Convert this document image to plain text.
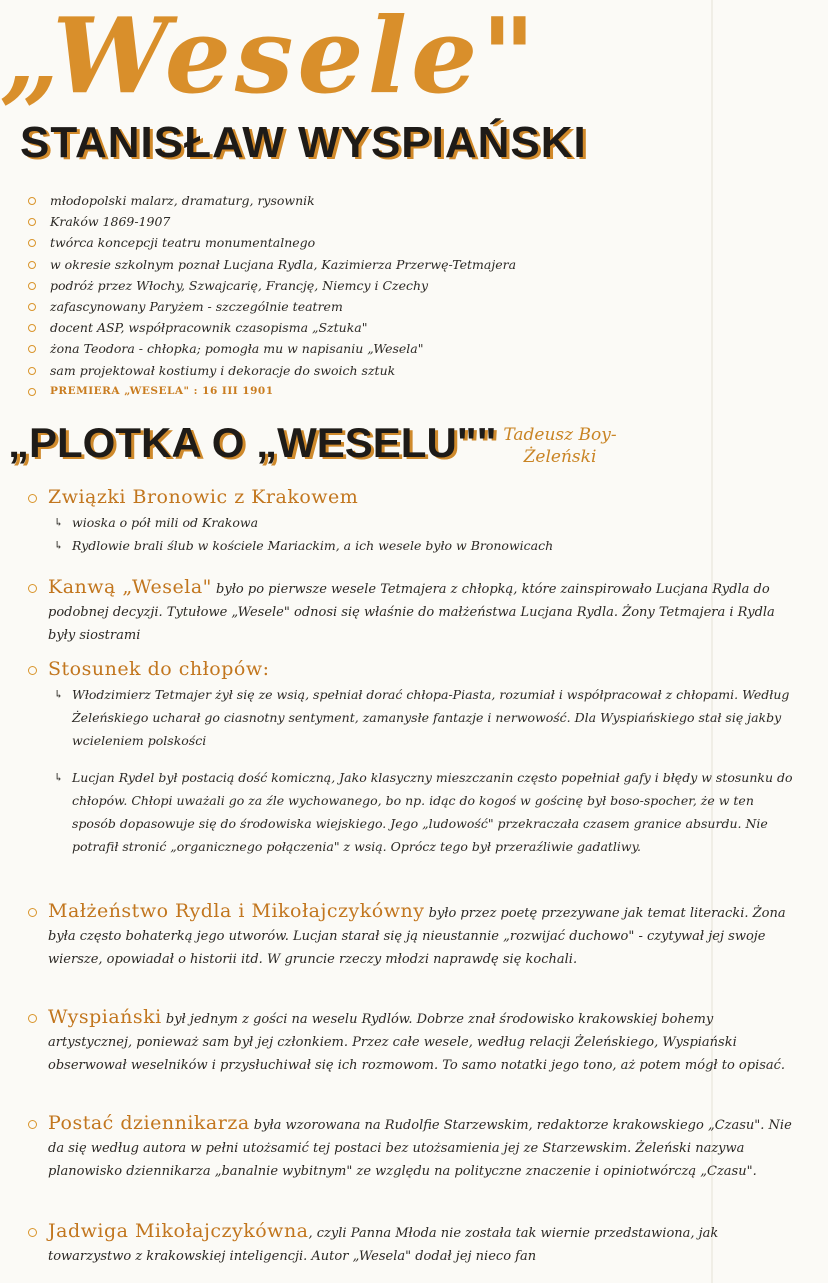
„Wesele"
STANISŁAW WYSPIAŃSKI
młodopolski malarz, dramaturg, rysownik
Kraków 1869-1907
twórca koncepcji teatru monumentalnego
w okresie szkolnym poznał Lucjana Rydla, Kazimierza Przerwę-Tetmajera
podróż przez Włochy, Szwajcarię, Francję, Niemcy i Czechy
zafascynowany Paryżem - szczególnie teatrem
docent ASP, współpracownik czasopisma „Sztuka"
żona Teodora - chłopka; pomogła mu w napisaniu „Wesela"
sam projektował kostiumy i dekoracje do swoich sztuk
PREMIERA „WESELA" : 16 III 1901
„PLOTKA O „WESELU"" Tadeusz Boy-Żeleński
Związki Bronowic z Krakowem
↳ wioska o pół mili od Krakowa
↳ Rydlowie brali ślub w kościele Mariackim, a ich wesele było w Bronowicach
Kanwą „Wesela" było po pierwsze wesele Tetmajera z chłopką, które zainspirowało Lucjana Rydla do podobnej decyzji. Tytułowe „Wesele" odnosi się właśnie do małżeństwa Lucjana Rydla. Żony Tetmajera i Rydla były siostrami
Stosunek do chłopów:
↳ Włodzimierz Tetmajer żył się ze wsią, spełniał dorać chłopa-Piasta, rozumiał i współpracował z chłopami. Według Żeleńskiego ucharał go ciasnotny sentyment, zamanysłe fantazje i nerwowość. Dla Wyspiańskiego stał się jakby wcieleniem polskości
↳ Lucjan Rydel był postacią dość komiczną, Jako klasyczny mieszczanin często popełniał gafy i błędy w stosunku do chłopów. Chłopi uważali go za źle wychowanego, bo np. idąc do kogoś w gościnę był boso-spocher, że w ten sposób dopasowuje się do środowiska wiejskiego. Jego „ludowość" przekraczała czasem granice absurdu. Nie potrafił stronić „organicznego połączenia" z wsią. Oprócz tego był przeraźliwie gadatliwy.
Małżeństwo Rydla i Mikołajczykówny było przez poetę przezywane jak temat literacki. Żona była często bohaterką jego utworów. Lucjan starał się ją nieustannie „rozwijać duchowo" - czytywał jej swoje wiersze, opowiadał o historii itd. W gruncie rzeczy młodzi naprawdę się kochali.
Wyspiański był jednym z gości na weselu Rydlów. Dobrze znał środowisko krakowskiej bohemy artystycznej, ponieważ sam był jej członkiem. Przez całe wesele, według relacji Żeleńskiego, Wyspiański obserwował weselników i przysłuchiwał się ich rozmowom. To samo notatki jego tono, aż potem mógł to opisać.
Postać dziennikarza była wzorowana na Rudolfie Starzewskim, redaktorze krakowskiego „Czasu". Nie da się według autora w pełni utożsamić tej postaci bez utożsamienia jej ze Starzewskim. Żeleński nazywa planowisko dziennikarza „banalnie wybitnym" ze względu na polityczne znaczenie i opiniotwórczą „Czasu".
Jadwiga Mikołajczykówna, czyli Panna Młoda nie została tak wiernie przedstawiona, jak towarzystwo z krakowskiej inteligencji. Autor „Wesela" dodał jej nieco fan
